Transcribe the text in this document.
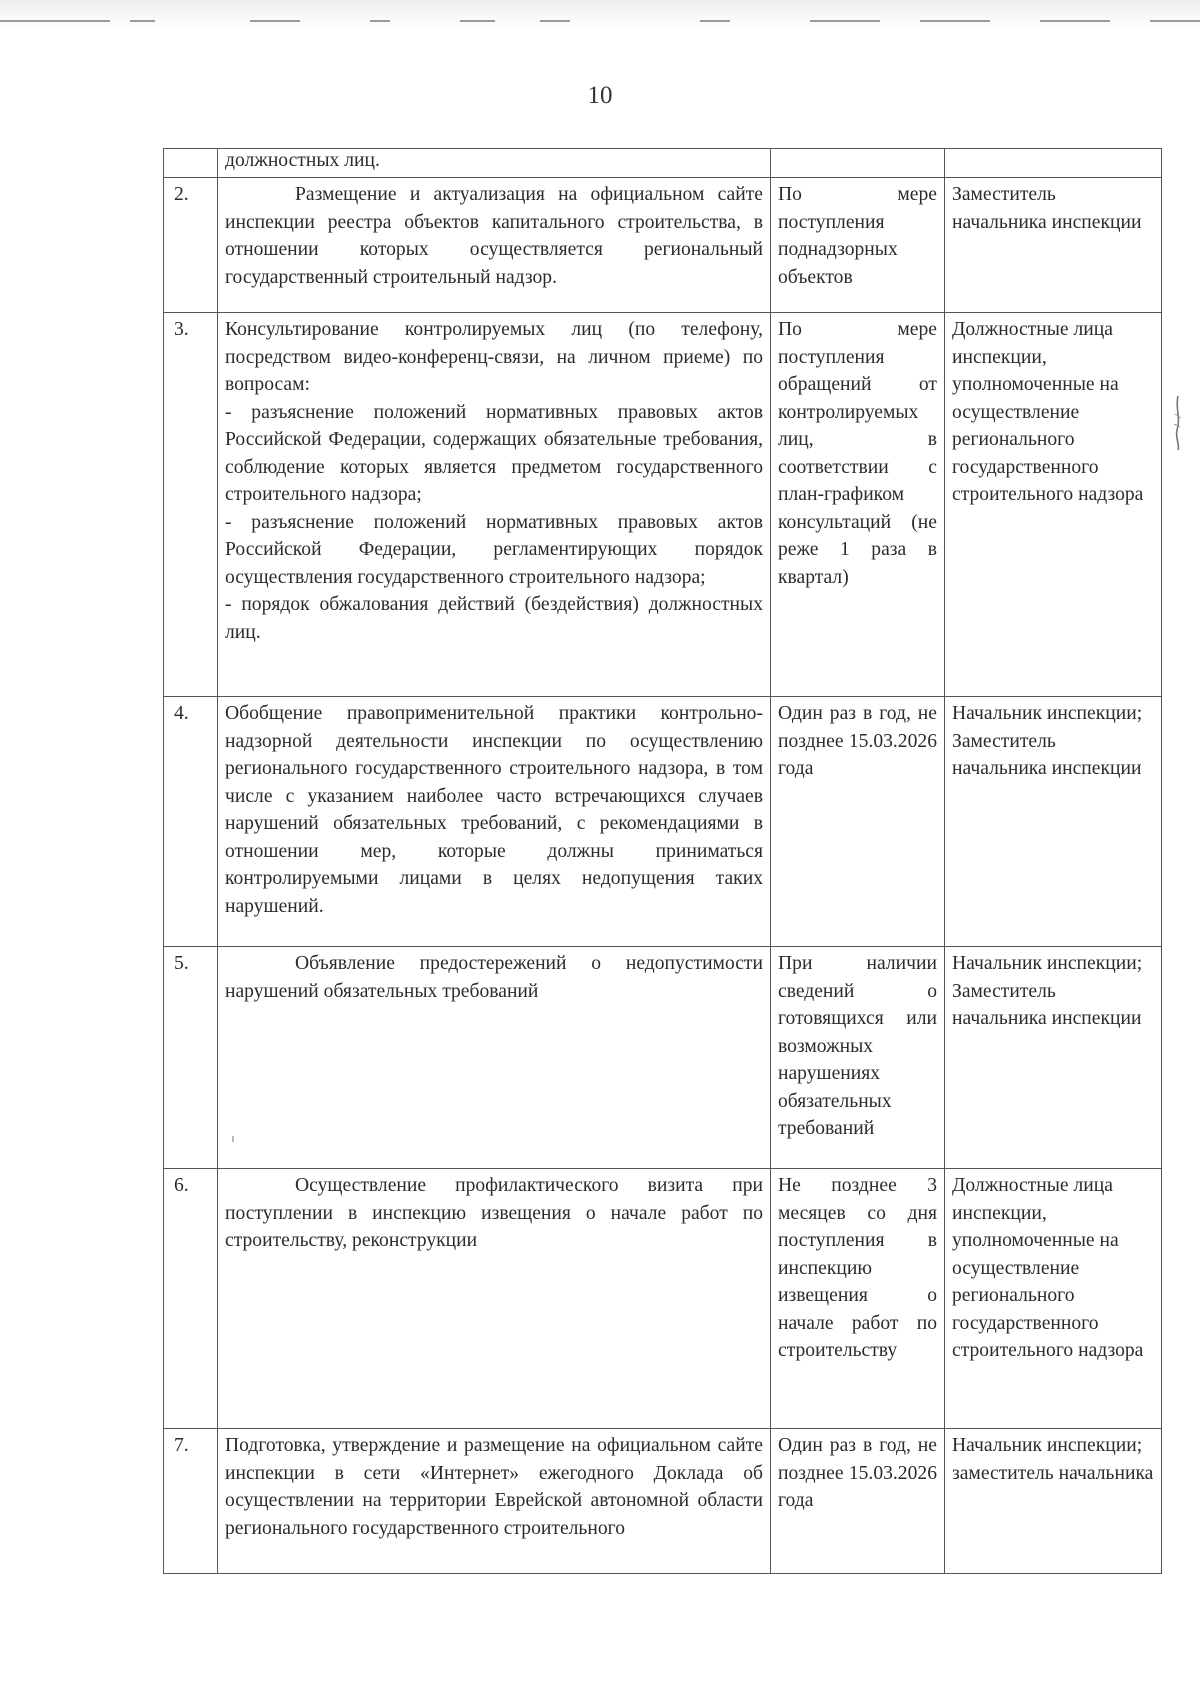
10
	должностных лиц.		
2.	Размещение и актуализация на официальном сайте инспекции реестра объектов капитального строительства, в отношении которых осуществляется региональный государственный строительный надзор.	По мере поступления поднадзорных объектов	Заместитель начальника инспекции
3.	Консультирование контролируемых лиц (по телефону, посредством видео-конференц-связи, на личном приеме) по вопросам:
- разъяснение положений нормативных правовых актов Российской Федерации, содержащих обязательные требования, соблюдение которых является предметом государственного строительного надзора;
- разъяснение положений нормативных правовых актов Российской Федерации, регламентирующих порядок осуществления государственного строительного надзора;
- порядок обжалования действий (бездействия) должностных лиц.	По мере поступления обращений от контролируемых лиц, в соответствии с план-графиком консультаций (не реже 1 раза в квартал)	Должностные лица инспекции, уполномоченные на осуществление регионального государственного строительного надзора
4.	Обобщение правоприменительной практики контрольно-надзорной деятельности инспекции по осуществлению регионального государственного строительного надзора, в том числе с указанием наиболее часто встречающихся случаев нарушений обязательных требований, с рекомендациями в отношении мер, которые должны приниматься контролируемыми лицами в целях недопущения таких нарушений.	Один раз в год, не позднее 15.03.2026 года	Начальник инспекции;
Заместитель начальника инспекции
5.	Объявление предостережений о недопустимости нарушений обязательных требований	При наличии сведений о готовящихся или возможных нарушениях обязательных требований	Начальник инспекции;
Заместитель начальника инспекции
6.	Осуществление профилактического визита при поступлении в инспекцию извещения о начале работ по строительству, реконструкции	Не позднее 3 месяцев со дня поступления в инспекцию извещения о начале работ по строительству	Должностные лица инспекции, уполномоченные на осуществление регионального государственного строительного надзора
7.	Подготовка, утверждение и размещение на официальном сайте инспекции в сети «Интернет» ежегодного Доклада об осуществлении на территории Еврейской автономной области регионального государственного строительного	Один раз в год, не позднее 15.03.2026 года	Начальник инспекции;
заместитель начальника
